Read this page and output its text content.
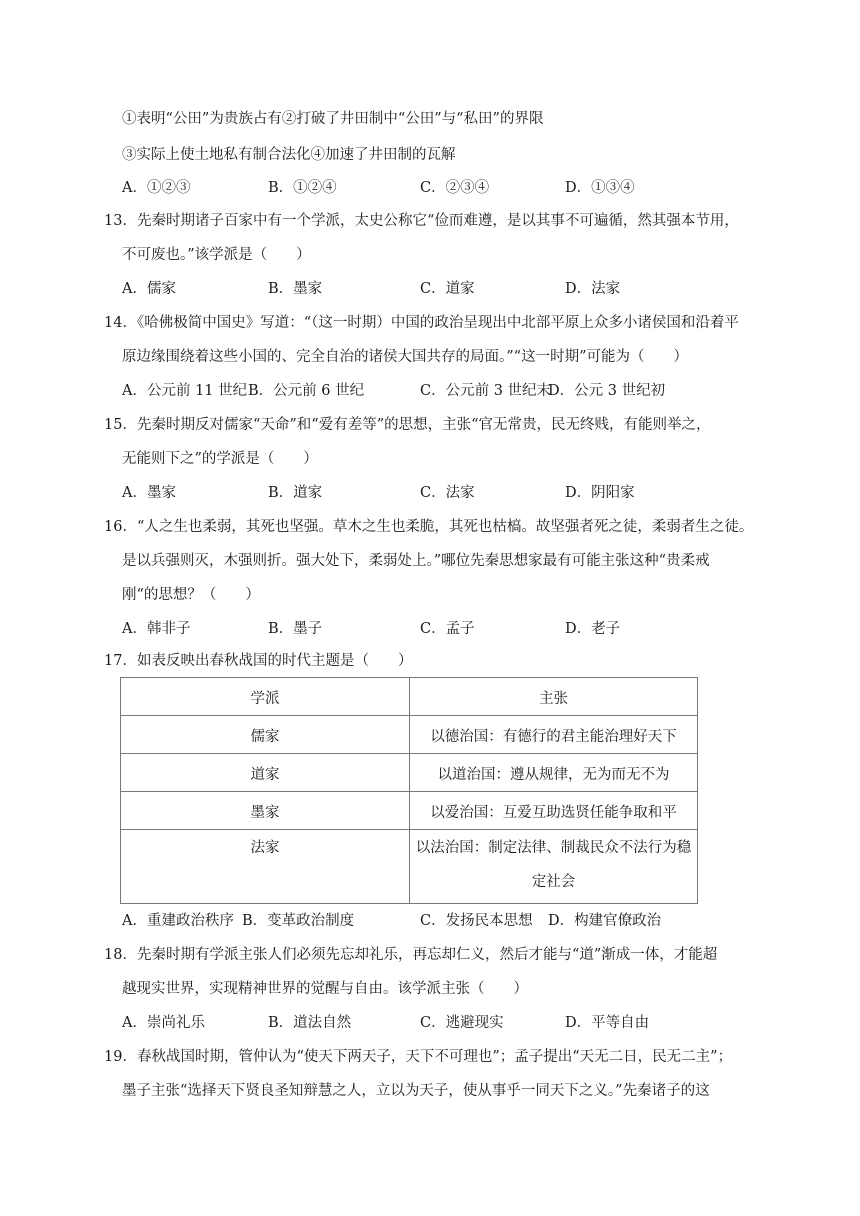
①表明“公田”为贵族占有②打破了井田制中“公田”与“私田”的界限
③实际上使土地私有制合法化④加速了井田制的瓦解
A．①②③	B．①②④	C．②③④	D．①③④
13．先秦时期诸子百家中有一个学派，太史公称它“俭而难遵，是以其事不可遍循，然其强本节用，
不可废也。”该学派是（　　）
A．儒家	B．墨家	C．道家	D．法家
14．《哈佛极简中国史》写道：“（这一时期）中国的政治呈现出中北部平原上众多小诸侯国和沿着平
原边缘围绕着这些小国的、完全自治的诸侯大国共存的局面。”“这一时期”可能为（　　）
A．公元前 11 世纪 B．公元前 6 世纪	C．公元前 3 世纪末
D．公元 3 世纪初
15．先秦时期反对儒家“天命”和“爱有差等”的思想，主张“官无常贵，民无终贱，有能则举之，
无能则下之”的学派是（　　）
A．墨家	B．道家	C．法家	D．阴阳家
16．“人之生也柔弱，其死也坚强。草木之生也柔脆，其死也枯槁。故坚强者死之徒，柔弱者生之徒。
是以兵强则灭，木强则折。强大处下，柔弱处上。”哪位先秦思想家最有可能主张这种“贵柔戒
刚“的思想？（　　）
A．韩非子	B．墨子	C．孟子	D．老子
17．如表反映出春秋战国的时代主题是（　　）
学派	主张
儒家	以德治国：有德行的君主能治理好天下
道家	以道治国：遵从规律，无为而无不为
墨家	以爱治国：互爱互助选贤任能争取和平

法家	以法治国：制定法律、制裁民众不法行为稳
定社会
A．重建政治秩序 B．变革政治制度	C．发扬民本思想 D．构建官僚政治
18．先秦时期有学派主张人们必须先忘却礼乐，再忘却仁义，然后才能与“道”渐成一体，才能超
越现实世界，实现精神世界的觉醒与自由。该学派主张（　　）
A．崇尚礼乐	B．道法自然	C．逃避现实	D．平等自由
19．春秋战国时期，管仲认为“使天下两天子，天下不可理也”；孟子提出“天无二日，民无二主”；
墨子主张“选择天下贤良圣知辩慧之人，立以为天子，使从事乎一同天下之义。”先秦诸子的这
